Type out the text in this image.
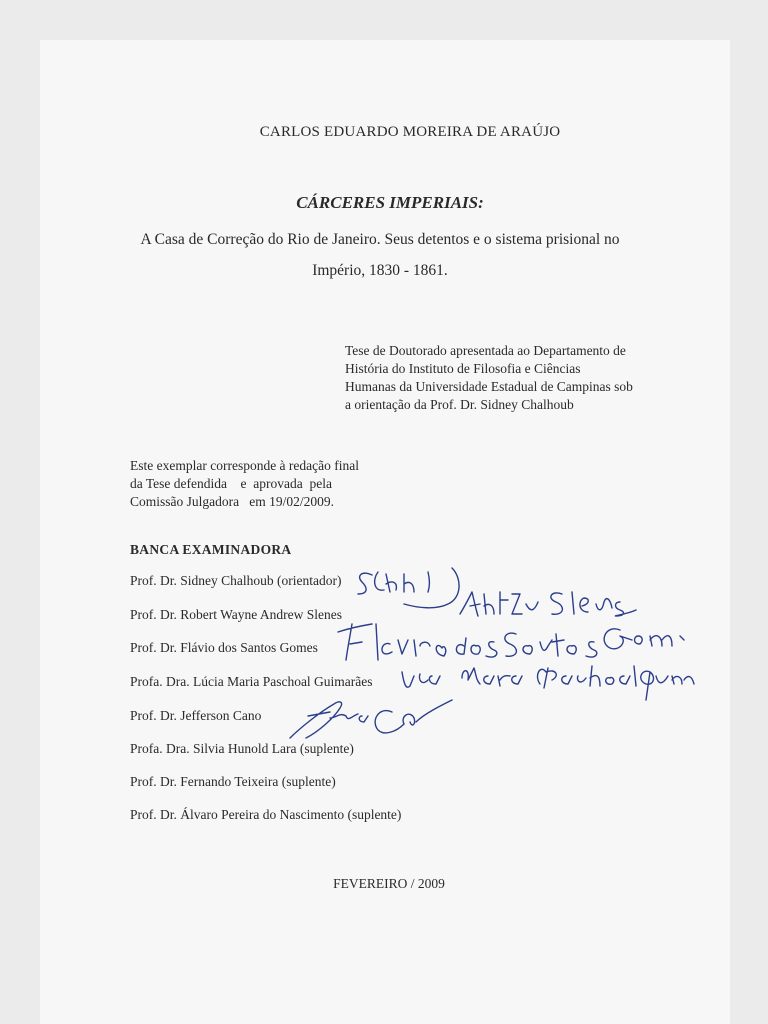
CARLOS EDUARDO MOREIRA DE ARAÚJO
CÁRCERES IMPERIAIS:
A Casa de Correção do Rio de Janeiro. Seus detentos e o sistema prisional no
Império, 1830 - 1861.
Tese de Doutorado apresentada ao Departamento de
História do Instituto de Filosofia e Ciências
Humanas da Universidade Estadual de Campinas sob
a orientação da Prof. Dr. Sidney Chalhoub
Este exemplar corresponde à redação final
da Tese defendida    e  aprovada  pela
Comissão Julgadora   em 19/02/2009.
BANCA EXAMINADORA
Prof. Dr. Sidney Chalhoub (orientador)
Prof. Dr. Robert Wayne Andrew Slenes
Prof. Dr. Flávio dos Santos Gomes
Profa. Dra. Lúcia Maria Paschoal Guimarães
Prof. Dr. Jefferson Cano
Profa. Dra. Silvia Hunold Lara (suplente)
Prof. Dr. Fernando Teixeira (suplente)
Prof. Dr. Álvaro Pereira do Nascimento (suplente)
FEVEREIRO / 2009
